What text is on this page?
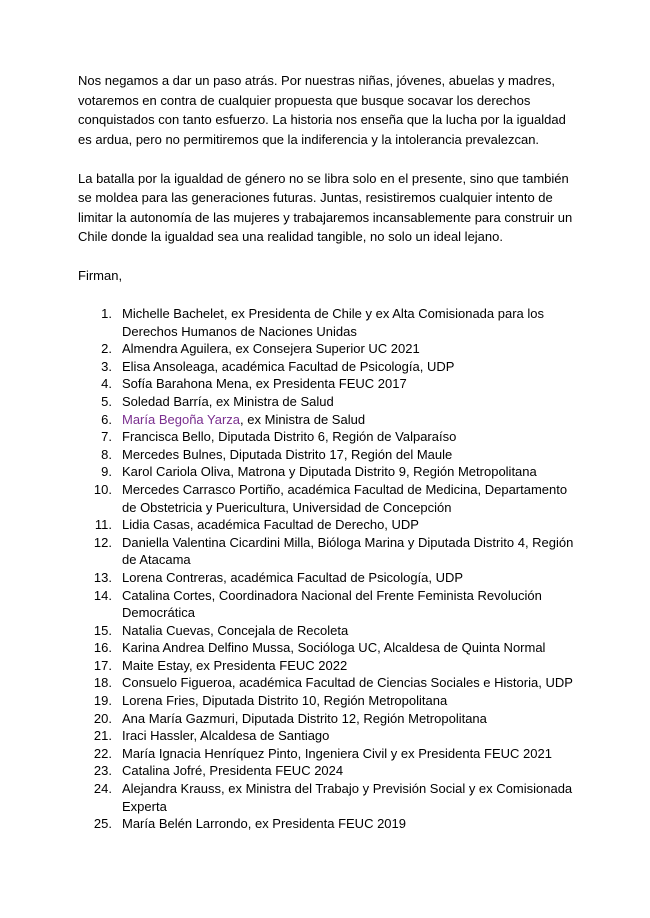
Nos negamos a dar un paso atrás. Por nuestras niñas, jóvenes, abuelas y madres, votaremos en contra de cualquier propuesta que busque socavar los derechos conquistados con tanto esfuerzo. La historia nos enseña que la lucha por la igualdad es ardua, pero no permitiremos que la indiferencia y la intolerancia prevalezcan.

La batalla por la igualdad de género no se libra solo en el presente, sino que también se moldea para las generaciones futuras. Juntas, resistiremos cualquier intento de limitar la autonomía de las mujeres y trabajaremos incansablemente para construir un Chile donde la igualdad sea una realidad tangible, no solo un ideal lejano.

Firman,

1. Michelle Bachelet, ex Presidenta de Chile y ex Alta Comisionada para los Derechos Humanos de Naciones Unidas
2. Almendra Aguilera, ex Consejera Superior UC 2021
3. Elisa Ansoleaga, académica Facultad de Psicología, UDP
4. Sofía Barahona Mena, ex Presidenta FEUC 2017
5. Soledad Barría, ex Ministra de Salud
6. María Begoña Yarza, ex Ministra de Salud
7. Francisca Bello, Diputada Distrito 6, Región de Valparaíso
8. Mercedes Bulnes, Diputada Distrito 17, Región del Maule
9. Karol Cariola Oliva, Matrona y Diputada Distrito 9, Región Metropolitana
10. Mercedes Carrasco Portiño, académica Facultad de Medicina, Departamento de Obstetricia y Puericultura, Universidad de Concepción
11. Lidia Casas, académica Facultad de Derecho, UDP
12. Daniella Valentina Cicardini Milla, Bióloga Marina y Diputada Distrito 4, Región de Atacama
13. Lorena Contreras, académica Facultad de Psicología, UDP
14. Catalina Cortes, Coordinadora Nacional del Frente Feminista Revolución Democrática
15. Natalia Cuevas, Concejala de Recoleta
16. Karina Andrea Delfino Mussa, Socióloga UC, Alcaldesa de Quinta Normal
17. Maite Estay, ex Presidenta FEUC 2022
18. Consuelo Figueroa, académica Facultad de Ciencias Sociales e Historia, UDP
19. Lorena Fries, Diputada Distrito 10, Región Metropolitana
20. Ana María Gazmuri, Diputada Distrito 12, Región Metropolitana
21. Iraci Hassler, Alcaldesa de Santiago
22. María Ignacia Henríquez Pinto, Ingeniera Civil y ex Presidenta FEUC 2021
23. Catalina Jofré, Presidenta FEUC 2024
24. Alejandra Krauss, ex Ministra del Trabajo y Previsión Social y ex Comisionada Experta
25. María Belén Larrondo, ex Presidenta FEUC 2019
